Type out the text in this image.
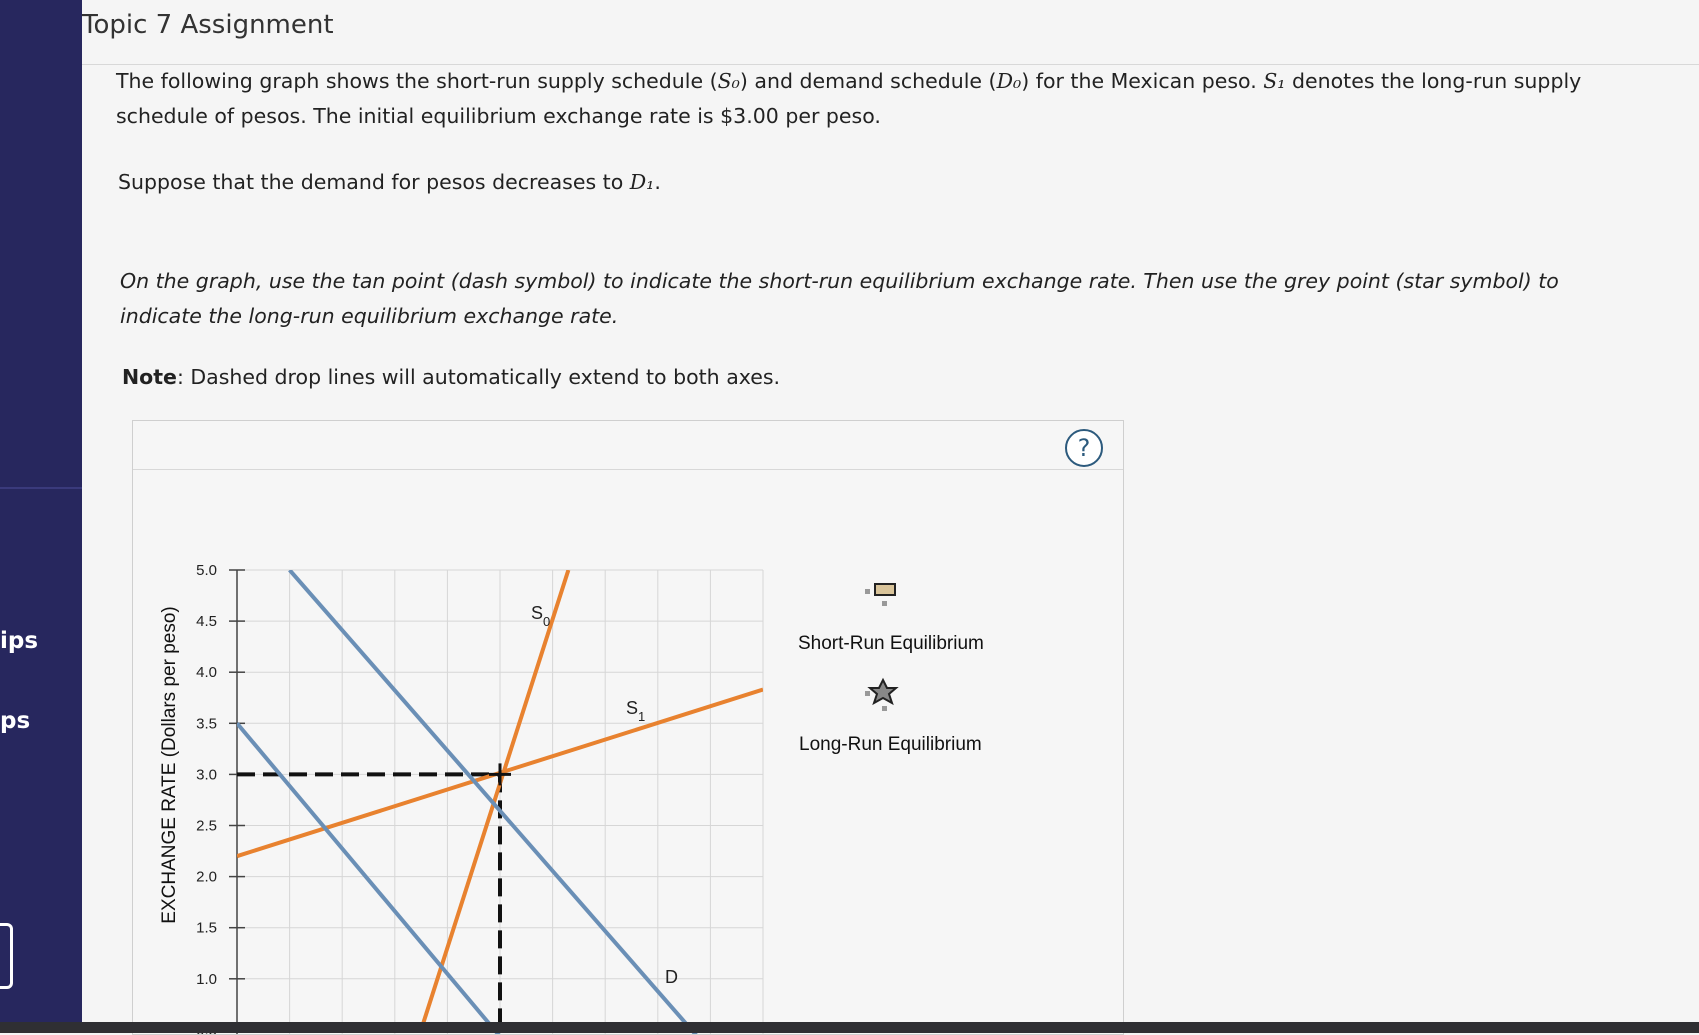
ips
ps
Topic 7 Assignment
The following graph shows the short-run supply schedule (S₀) and demand schedule (D₀) for the Mexican peso. S₁ denotes the long-run supply schedule of pesos. The initial equilibrium exchange rate is $3.00 per peso.
Suppose that the demand for pesos decreases to D₁.
On the graph, use the tan point (dash symbol) to indicate the short-run equilibrium exchange rate. Then use the grey point (star symbol) to indicate the long-run equilibrium exchange rate.
Note: Dashed drop lines will automatically extend to both axes.
?
5.0
4.5
4.0
3.5
3.0
2.5
2.0
1.5
1.0
EXCHANGE RATE (Dollars per peso)	$S_0$
$S_1$
D
Short-Run Equilibrium
Long-Run Equilibrium
